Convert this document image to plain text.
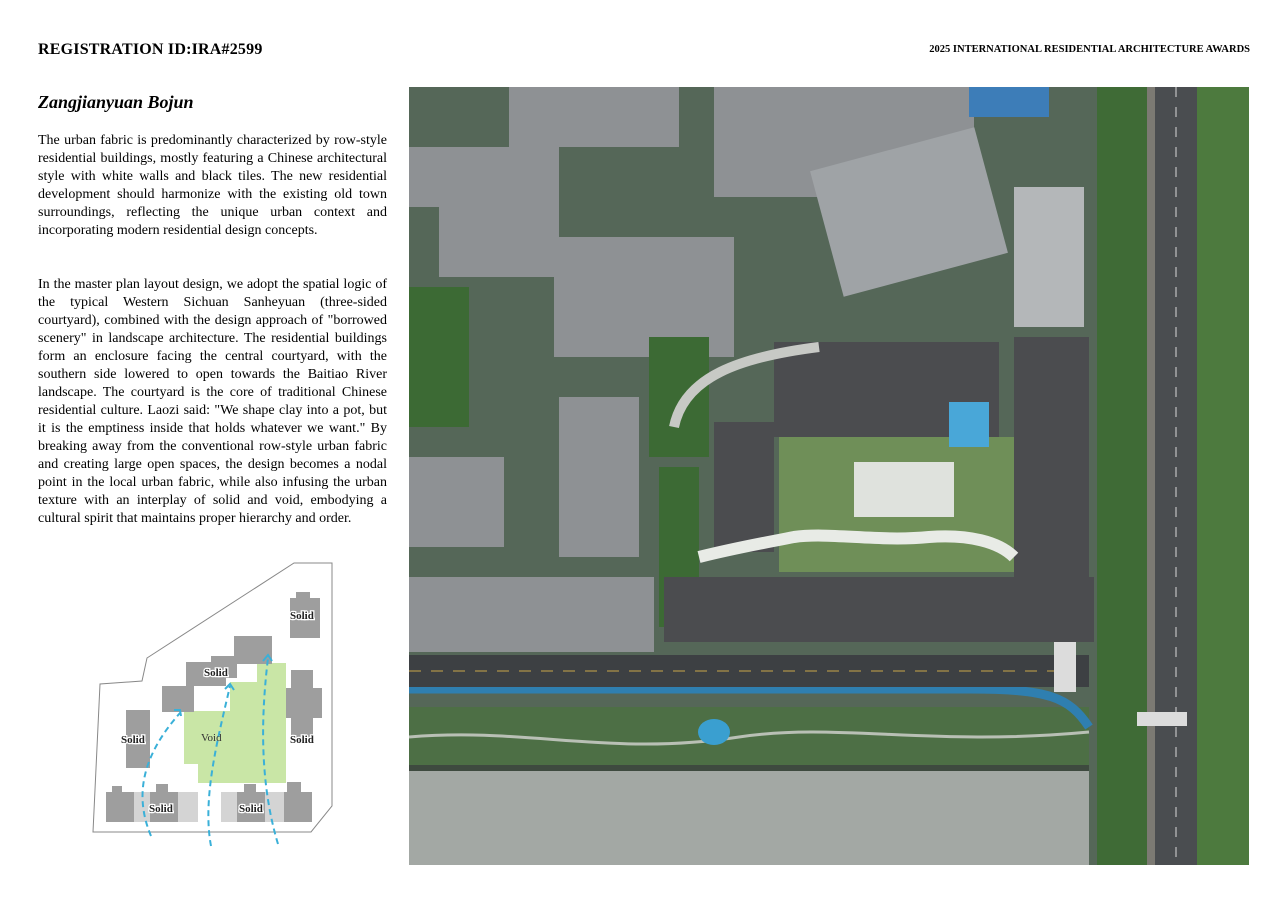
REGISTRATION ID:IRA#2599	2025 INTERNATIONAL RESIDENTIAL ARCHITECTURE AWARDS
Zangjianyuan Bojun
The urban fabric is predominantly characterized by row-style residential buildings, mostly featuring a Chinese architectural style with white walls and black tiles. The new residential development should harmonize with the existing old town surroundings, reflecting the unique urban context and incorporating modern residential design concepts.
In the master plan layout design, we adopt the spatial logic of the typical Western Sichuan Sanheyuan (three-sided courtyard), combined with the design approach of "borrowed scenery" in landscape architecture. The residential buildings form an enclosure facing the central courtyard, with the southern side lowered to open towards the Baitiao River landscape. The courtyard is the core of traditional Chinese residential culture. Laozi said: "We shape clay into a pot, but it is the emptiness inside that holds whatever we want." By breaking away from the conventional row-style urban fabric and creating large open spaces, the design becomes a nodal point in the local urban fabric, while also infusing the urban texture with an interplay of solid and void, embodying a cultural spirit that maintains proper hierarchy and order.
Solid
Solid
Solid	Solid
Solid	Solid
Void
